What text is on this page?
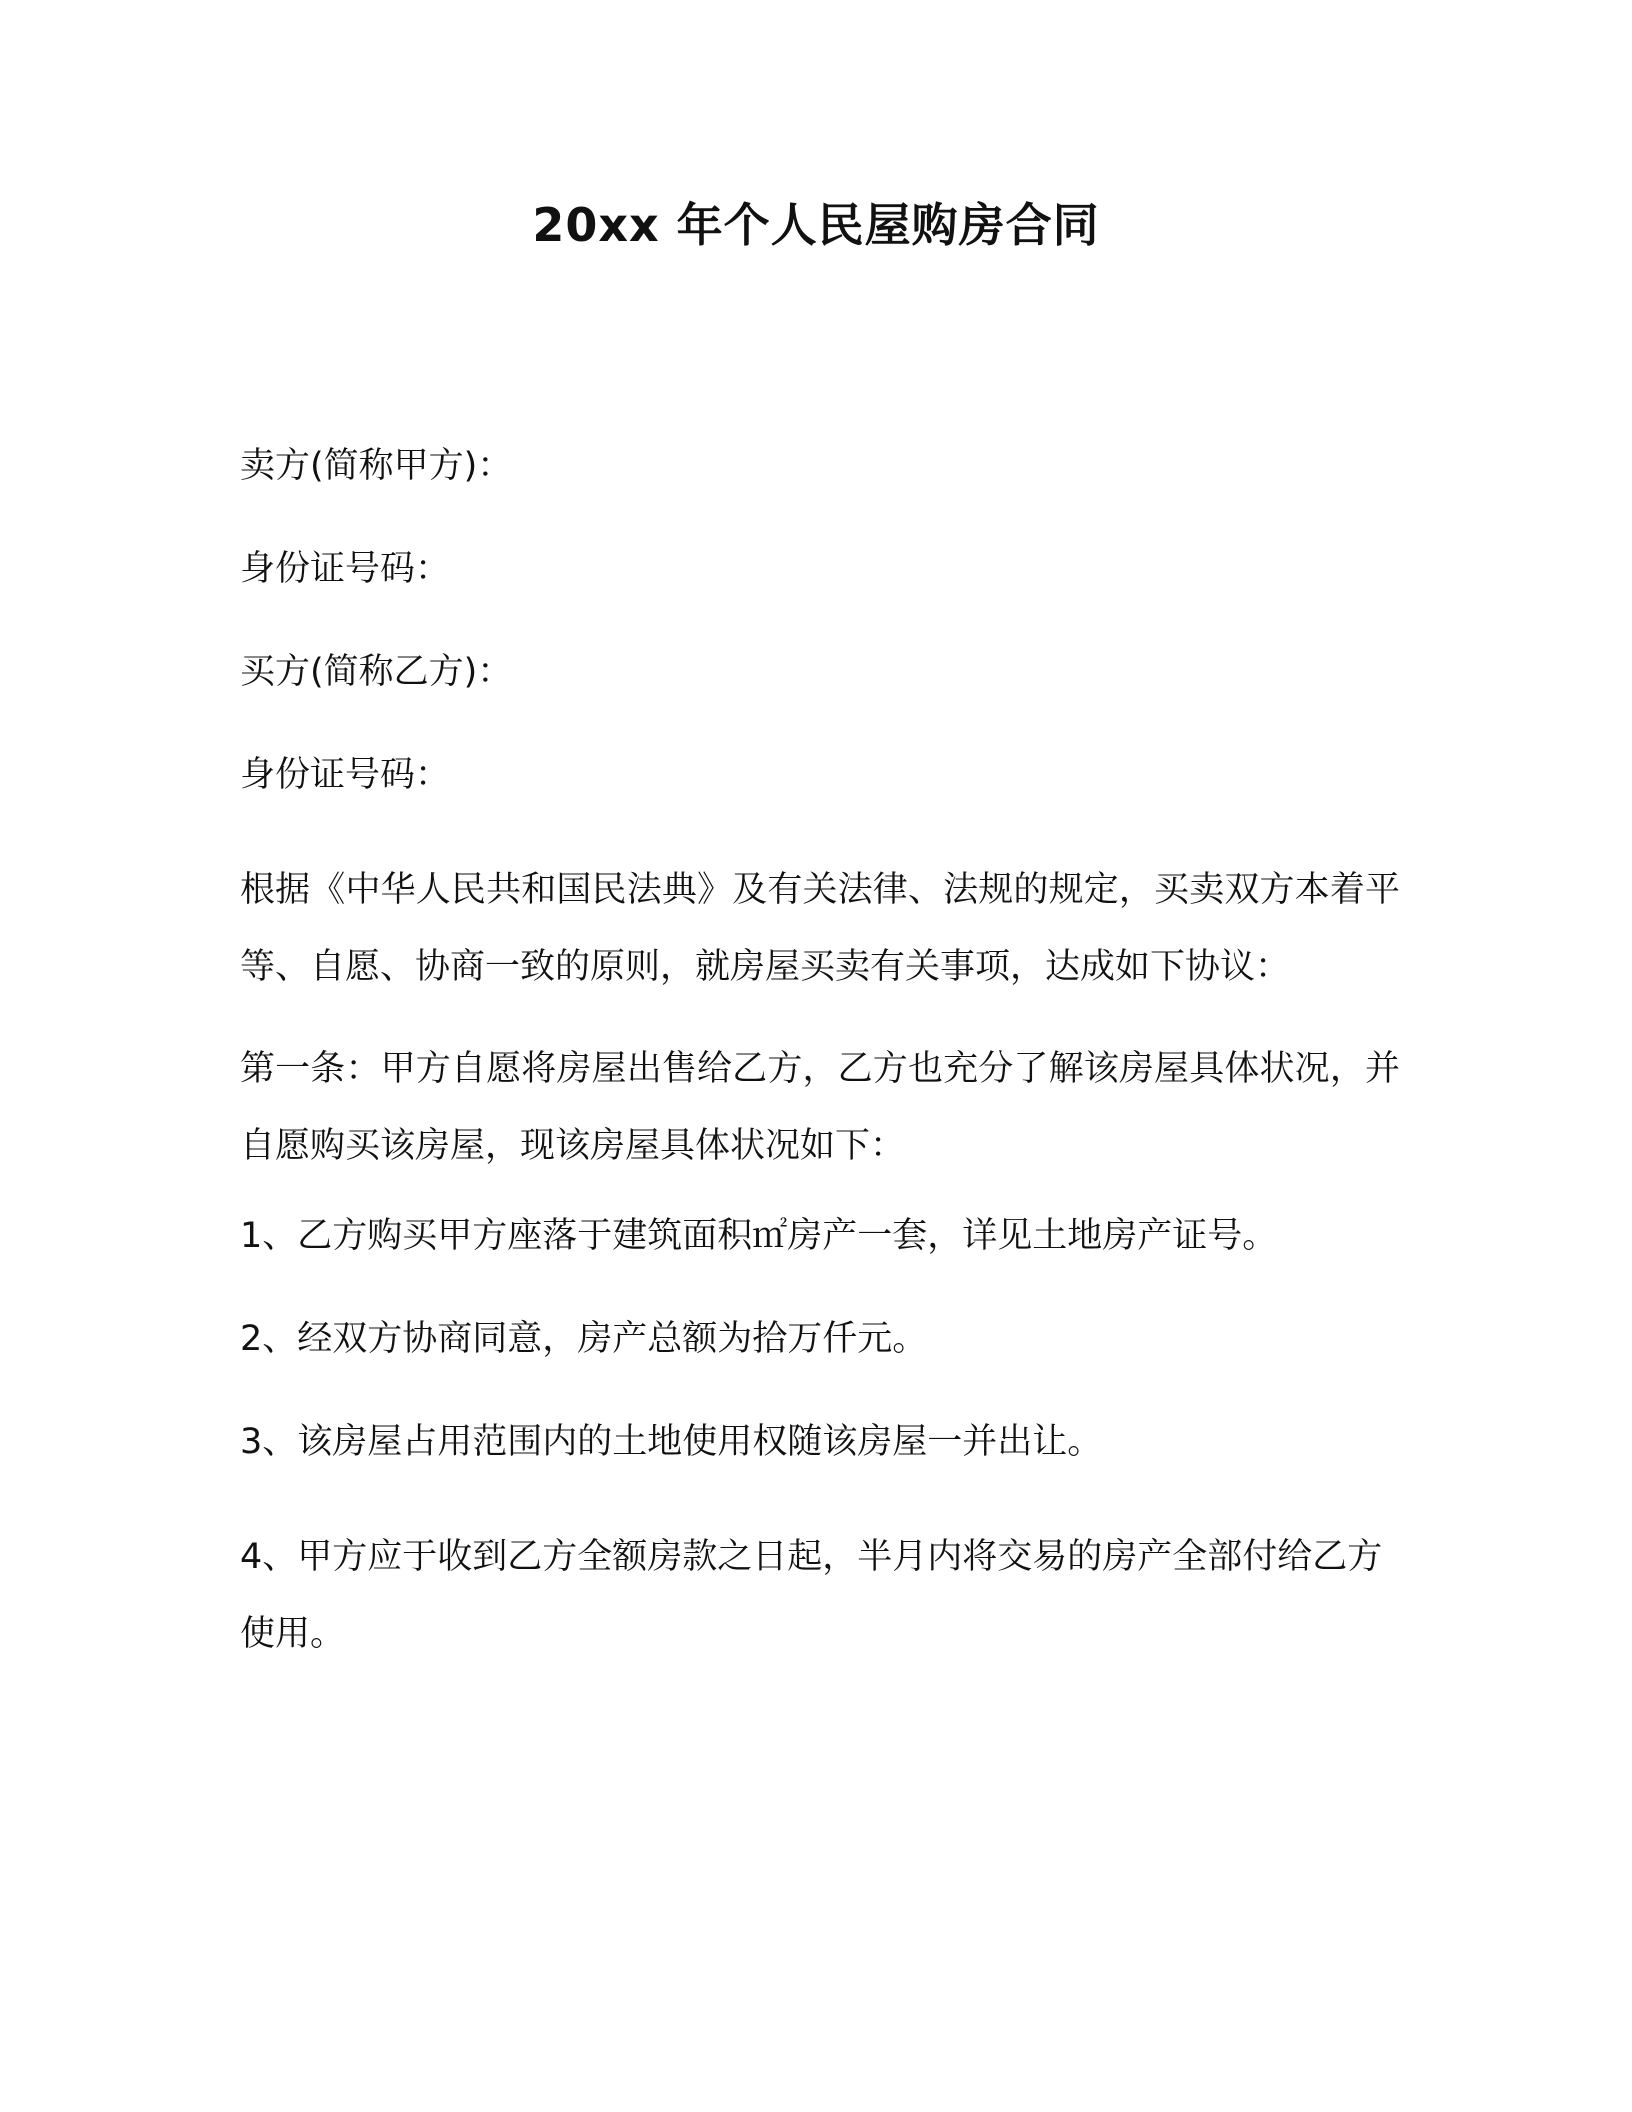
20xx 年个人民屋购房合同

卖方(简称甲方)：

身份证号码：

买方(简称乙方)：

身份证号码：

根据《中华人民共和国民法典》及有关法律、法规的规定，买卖双方本着平等、自愿、协商一致的原则，就房屋买卖有关事项，达成如下协议：

第一条：甲方自愿将房屋出售给乙方，乙方也充分了解该房屋具体状况，并自愿购买该房屋，现该房屋具体状况如下：

1、乙方购买甲方座落于建筑面积㎡房产一套，详见土地房产证号。

2、经双方协商同意，房产总额为拾万仟元。

3、该房屋占用范围内的土地使用权随该房屋一并出让。

4、甲方应于收到乙方全额房款之日起，半月内将交易的房产全部付给乙方使用。
